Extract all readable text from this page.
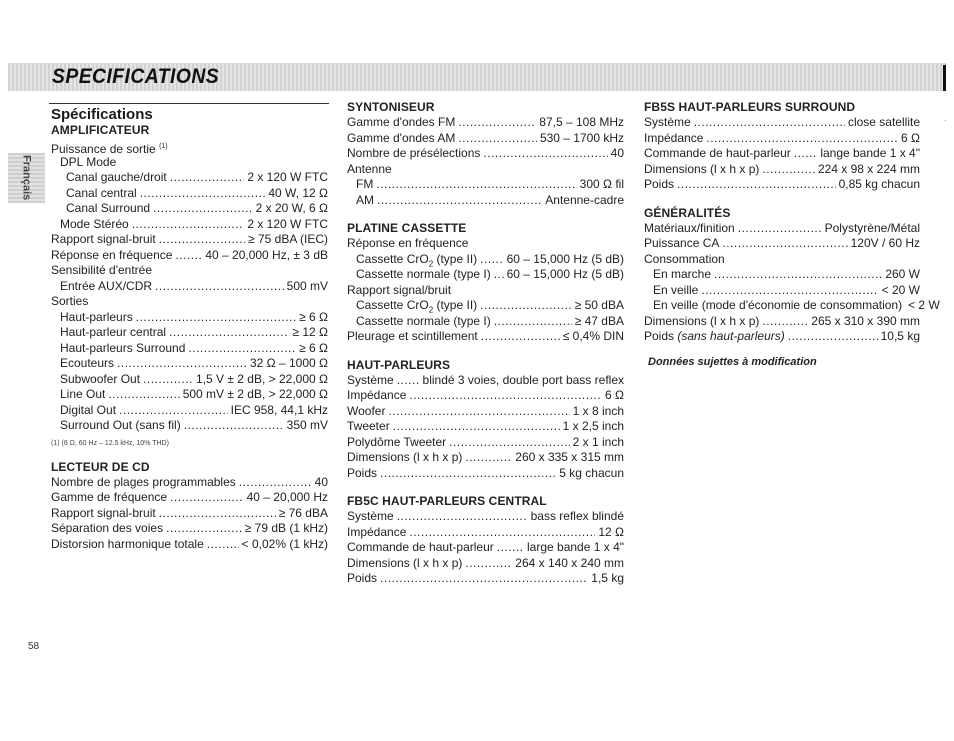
SPECIFICATIONS
Français
·
Spécifications
AMPLIFICATEUR
Puissance de sortie $^{(1)}$
DPL Mode
Canal gauche/droit .....	2 x 120 W FTC
Canal central .....	40 W, 12 Ω
Canal Surround .....	2 x 20 W, 6 Ω
Mode Stéréo .....	2 x 120 W FTC
Rapport signal-bruit .....	≥ 75 dBA (IEC)
Réponse en fréquence .....	40 – 20,000 Hz, ± 3 dB
Sensibilité d'entrée
Entrée AUX/CDR .....	500 mV
Sorties
Haut-parleurs .....	≥ 6 Ω
Haut-parleur central .....	≥ 12 Ω
Haut-parleurs Surround .....	≥ 6 Ω
Ecouteurs .....	32 Ω – 1000 Ω
Subwoofer Out .....	1,5 V ± 2 dB, > 22,000 Ω
Line Out .....	500 mV ± 2 dB, > 22,000 Ω
Digital Out .....	IEC 958, 44,1 kHz
Surround Out (sans fil) .....	350 mV
(1) (6 Ω, 60 Hz – 12.5 kHz, 10% THD)
LECTEUR DE CD
Nombre de plages programmables .....	40
Gamme de fréquence .....	40 – 20,000 Hz
Rapport signal-bruit .....	≥ 76 dBA
Séparation des voies .....	≥ 79 dB (1 kHz)
Distorsion harmonique totale .....	< 0,02% (1 kHz)
SYNTONISEUR
Gamme d'ondes FM .....	87,5 – 108 MHz
Gamme d'ondes AM .....	530 – 1700 kHz
Nombre de présélections .....	40
Antenne
FM .....	300 Ω fil
AM .....	Antenne-cadre
PLATINE CASSETTE
Réponse en fréquence
Cassette CrO$_2$ (type II) ..... 60 – 15,000 Hz (5 dB)
Cassette normale (type I) ..... 60 – 15,000 Hz (5 dB)
Rapport signal/bruit
Cassette CrO$_2$ (type II) .....	≥ 50 dBA
Cassette normale (type I) .....	≥ 47 dBA
Pleurage et scintillement .....	≤ 0,4% DIN
HAUT-PARLEURS
Système ..... blindé 3 voies, double port bass reflex
Impédance .....	6 Ω
Woofer .....	1 x 8 inch
Tweeter .....	1 x 2,5 inch
Polydôme Tweeter .....	2 x 1 inch
Dimensions (l x h x p) .....	260 x 335 x 315 mm
Poids .....	5 kg chacun
FB5C HAUT-PARLEURS CENTRAL
Système .....	bass reflex blindé
Impédance .....	12 Ω
Commande de haut-parleur .....	large bande 1 x 4"
Dimensions (l x h x p) .....	264 x 140 x 240 mm
Poids .....	1,5 kg
FB5S HAUT-PARLEURS SURROUND
Système .....	close satellite
Impédance .....	6 Ω
Commande de haut-parleur ..... lange bande 1 x 4"
Dimensions (l x h x p) .....	224 x 98 x 224 mm
Poids .....	0,85 kg chacun
GÉNÉRALITÉS
Matériaux/finition .....	Polystyrène/Métal
Puissance CA .....	120V / 60 Hz
Consommation
En marche .....	260 W
En veille .....	< 20 W
En veille (mode d'économie de consommation) < 2 W
Dimensions (l x h x p) .....	265 x 310 x 390 mm
Poids (sans haut-parleurs) .....	10,5 kg
Données sujettes à modification
58
